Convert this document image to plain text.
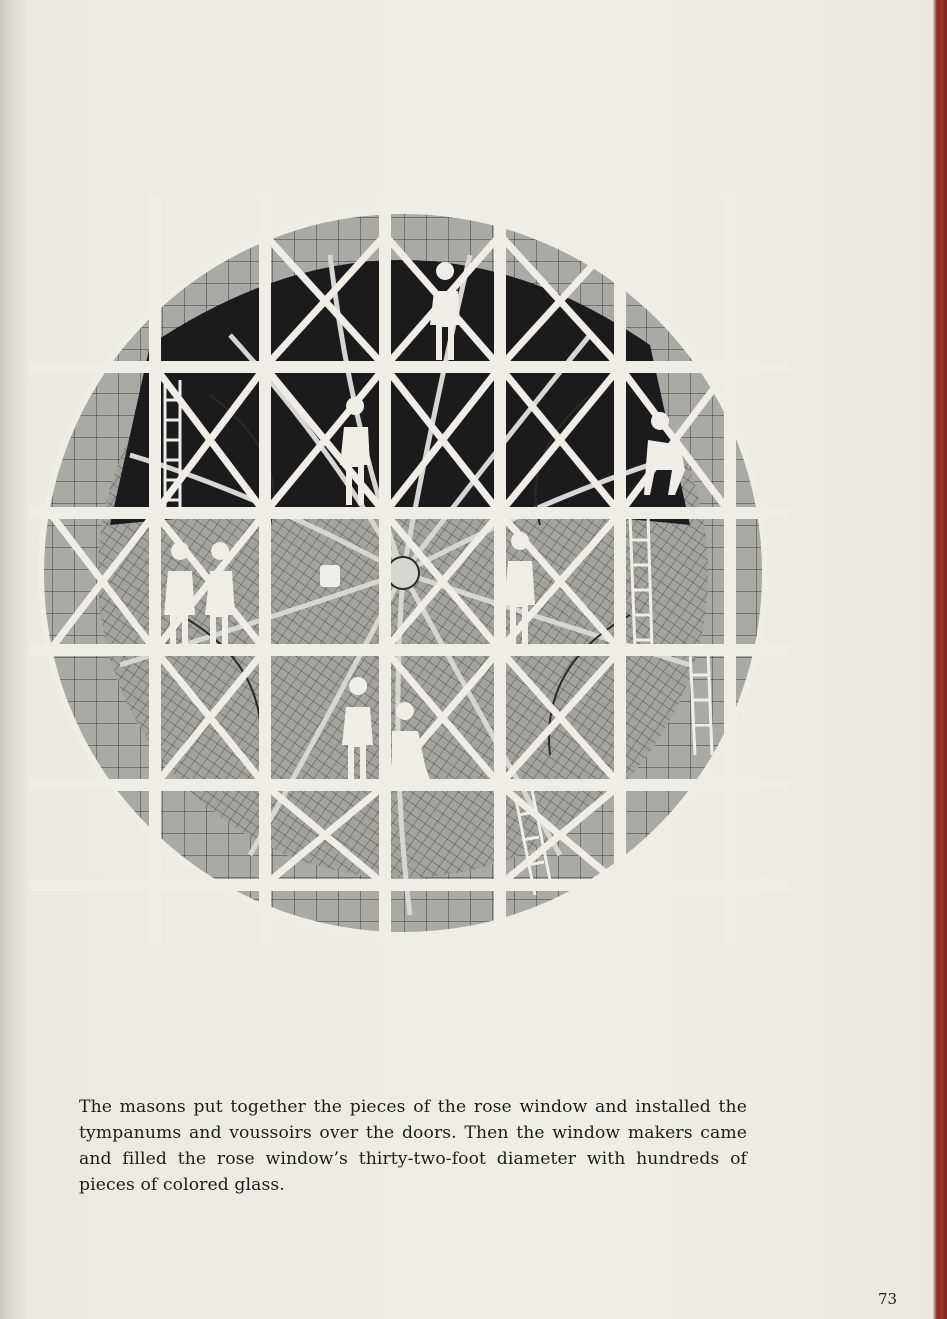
The masons put together the pieces of the rose window and installed the tympanums and voussoirs over the doors. Then the window makers came and filled the rose window’s thirty-two-foot diameter with hundreds of pieces of colored glass.

73
